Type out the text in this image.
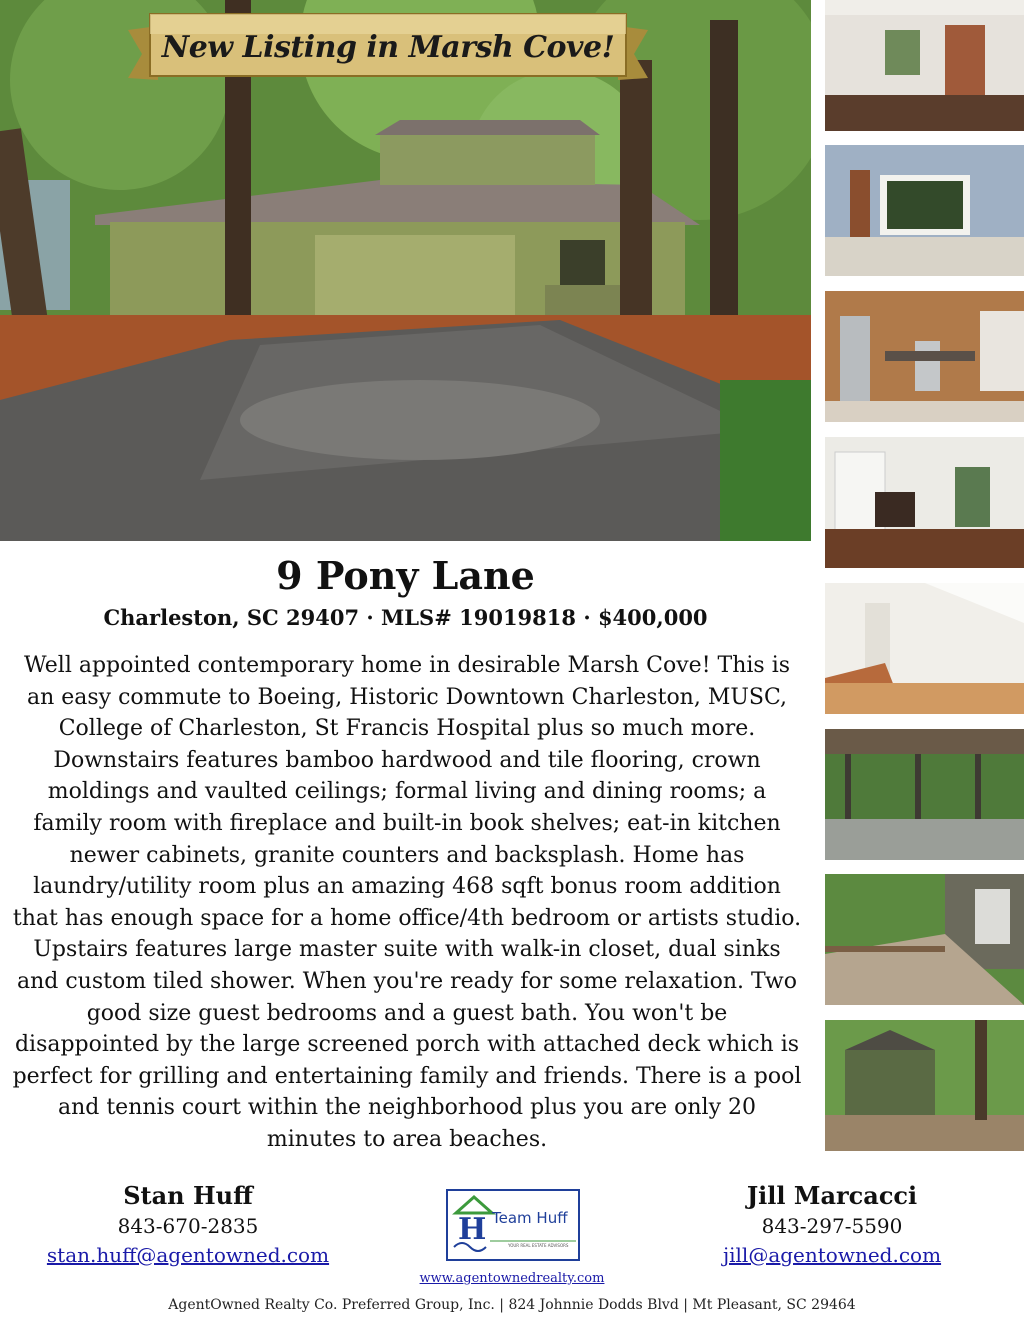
New Listing in Marsh Cove!
9 Pony Lane
Charleston, SC 29407 · MLS# 19019818 · $400,000
Well appointed contemporary home in desirable Marsh Cove! This is an easy commute to Boeing, Historic Downtown Charleston, MUSC, College of Charleston, St Francis Hospital plus so much more. Downstairs features bamboo hardwood and tile flooring, crown moldings and vaulted ceilings; formal living and dining rooms; a family room with fireplace and built-in book shelves; eat-in kitchen newer cabinets, granite counters and backsplash. Home has laundry/utility room plus an amazing 468 sqft bonus room addition that has enough space for a home office/4th bedroom or artists studio. Upstairs features large master suite with walk-in closet, dual sinks and custom tiled shower. When you're ready for some relaxation. Two good size guest bedrooms and a guest bath. You won't be disappointed by the large screened porch with attached deck which is perfect for grilling and entertaining family and friends. There is a pool and tennis court within the neighborhood plus you are only 20 minutes to area beaches.
Stan Huff
843-670-2835
stan.huff@agentowned.com
H Team Huff
YOUR REAL ESTATE ADVISORS
Jill Marcacci
843-297-5590
jill@agentowned.com
www.agentownedrealty.com
AgentOwned Realty Co. Preferred Group, Inc. | 824 Johnnie Dodds Blvd | Mt Pleasant, SC 29464
